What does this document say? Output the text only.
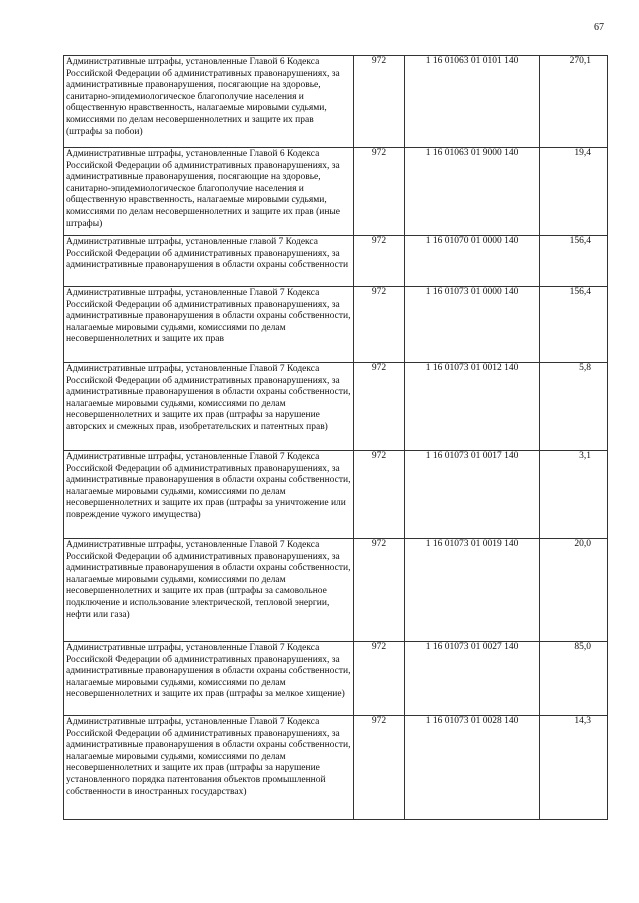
67
Административные штрафы, установленные Главой 6 Кодекса Российской Федерации об административных правонарушениях, за административные правонарушения, посягающие на здоровье, санитарно-эпидемиологическое благополучие населения и общественную нравственность, налагаемые мировыми судьями, комиссиями по делам несовершеннолетних и защите их прав (штрафы за побои)	972	1 16 01063 01 0101 140	270,1

Административные штрафы, установленные Главой 6 Кодекса Российской Федерации об административных правонарушениях, за административные правонарушения, посягающие на здоровье, санитарно-эпидемиологическое благополучие населения и общественную нравственность, налагаемые мировыми судьями, комиссиями по делам несовершеннолетних и защите их прав (иные штрафы)	972	1 16 01063 01 9000 140	19,4

Административные штрафы, установленные главой 7 Кодекса Российской Федерации об административных правонарушениях, за административные правонарушения в области охраны собственности	972	1 16 01070 01 0000 140	156,4

Административные штрафы, установленные Главой 7 Кодекса Российской Федерации об административных правонарушениях, за административные правонарушения в области охраны собственности, налагаемые мировыми судьями, комиссиями по делам несовершеннолетних и защите их прав	972	1 16 01073 01 0000 140	156,4

Административные штрафы, установленные Главой 7 Кодекса Российской Федерации об административных правонарушениях, за административные правонарушения в области охраны собственности, налагаемые мировыми судьями, комиссиями по делам несовершеннолетних и защите их прав (штрафы за нарушение авторских и смежных прав, изобретательских и патентных прав)	972	1 16 01073 01 0012 140	5,8

Административные штрафы, установленные Главой 7 Кодекса Российской Федерации об административных правонарушениях, за административные правонарушения в области охраны собственности, налагаемые мировыми судьями, комиссиями по делам несовершеннолетних и защите их прав (штрафы за уничтожение или повреждение чужого имущества)	972	1 16 01073 01 0017 140	3,1

Административные штрафы, установленные Главой 7 Кодекса Российской Федерации об административных правонарушениях, за административные правонарушения в области охраны собственности, налагаемые мировыми судьями, комиссиями по делам несовершеннолетних и защите их прав (штрафы за самовольное подключение и использование электрической, тепловой энергии, нефти или газа)	972	1 16 01073 01 0019 140	20,0

Административные штрафы, установленные Главой 7 Кодекса Российской Федерации об административных правонарушениях, за административные правонарушения в области охраны собственности, налагаемые мировыми судьями, комиссиями по делам несовершеннолетних и защите их прав (штрафы за мелкое хищение)	972	1 16 01073 01 0027 140	85,0

Административные штрафы, установленные Главой 7 Кодекса Российской Федерации об административных правонарушениях, за административные правонарушения в области охраны собственности, налагаемые мировыми судьями, комиссиями по делам несовершеннолетних и защите их прав (штрафы за нарушение установленного порядка патентования объектов промышленной собственности в иностранных государствах)	972	1 16 01073 01 0028 140	14,3
